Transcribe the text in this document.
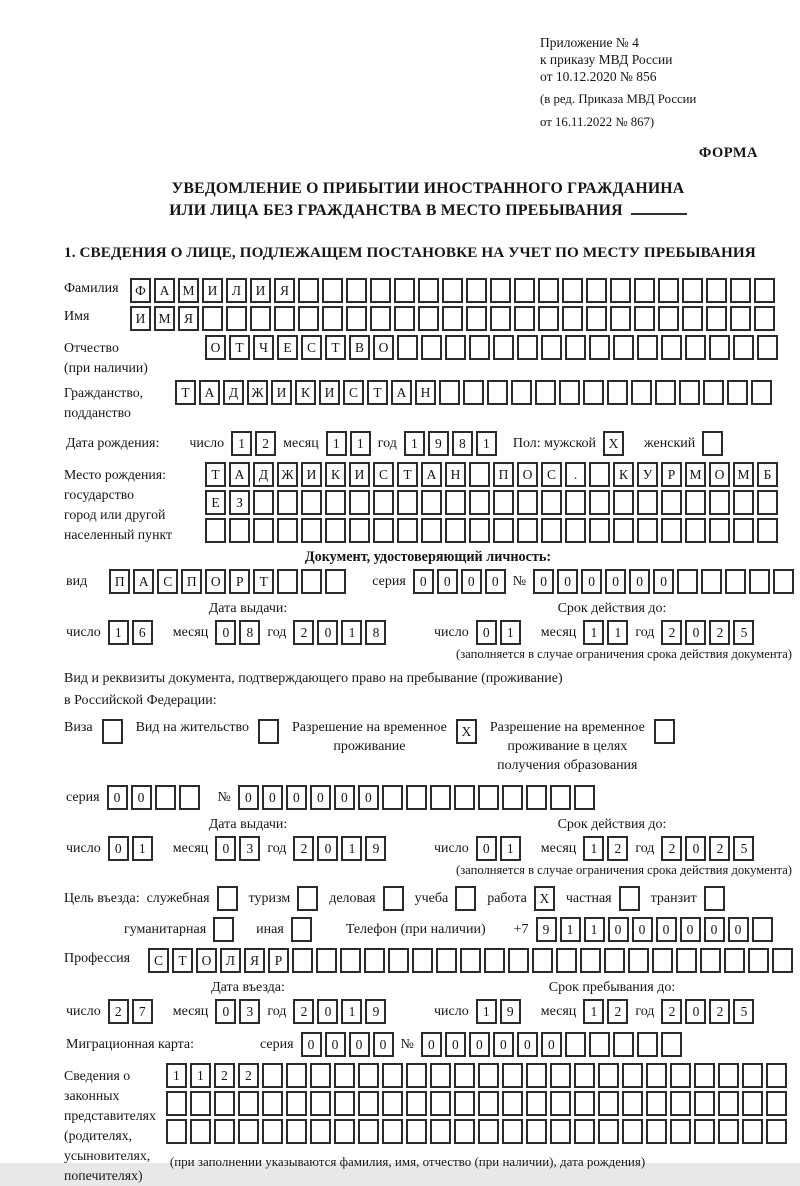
Приложение № 4
к приказу МВД России
от 10.12.2020 № 856
(в ред. Приказа МВД России
от 16.11.2022 № 867)
ФОРМА
УВЕДОМЛЕНИЕ О ПРИБЫТИИ ИНОСТРАННОГО ГРАЖДАНИНА
ИЛИ ЛИЦА БЕЗ ГРАЖДАНСТВА В МЕСТО ПРЕБЫВАНИЯ
1. СВЕДЕНИЯ О ЛИЦЕ, ПОДЛЕЖАЩЕМ ПОСТАНОВКЕ НА УЧЕТ ПО МЕСТУ ПРЕБЫВАНИЯ
Фамилия	Ф	А М И	Л	И	Я
Имя	И М Я
Отчество
(при наличии)
О	Т	Ч	Е	С	Т	В	О
Гражданство,
подданство
Т	А	Д Ж И	К	И	С	Т	А	Н
Дата рождения: число	1	2	месяц	1	1	год	1	9	8	1	Пол: мужской X	женский
Место рождения:
государство
город или другой
населенный пункт
Т	А	Д Ж И	К	И	С	Т	А	Н	П	О	С	.	К	У	Р	М О М	Б
Е	З
Документ, удостоверяющий личность:
вид	П	А	С	П	О	Р	Т	серия	0	0	0	0	№	0	0	0	0	0	0
Дата выдачи:
число	1	6	месяц	0	8	год	2	0	1	8
Срок действия до:
число	0	1	месяц	1	1	год	2	0	2	5
(заполняется в случае ограничения срока действия документа)
Вид и реквизиты документа, подтверждающего право на пребывание (проживание)
в Российской Федерации:
Виза	Вид на жительство	Разрешение на временное
проживание
X	Разрешение на временное
проживание в целях
получения образования
серия	0	0	№	0	0	0	0	0	0
Дата выдачи:
число	0	1	месяц	0	3	год	2	0	1	9
Срок действия до:
число	0	1	месяц	1	2	год	2	0	2	5
(заполняется в случае ограничения срока действия документа)
Цель въезда: служебная	туризм	деловая	учеба	работа X	частная	транзит
гуманитарная	иная	Телефон (при наличии) +7	9	1	1	0	0	0	0	0	0
Профессия	С	Т	О	Л	Я	Р
Дата въезда:
число	2	7	месяц	0	3	год	2	0	1	9
Срок пребывания до:
число	1	9	месяц	1	2	год	2	0	2	5
Миграционная карта:	серия	0	0	0	0	№	0	0	0	0	0	0
Сведения о
законных
представителях
(родителях,
усыновителях,
попечителях)
1	1	2	2
(при заполнении указываются фамилия, имя, отчество (при наличии), дата рождения)
